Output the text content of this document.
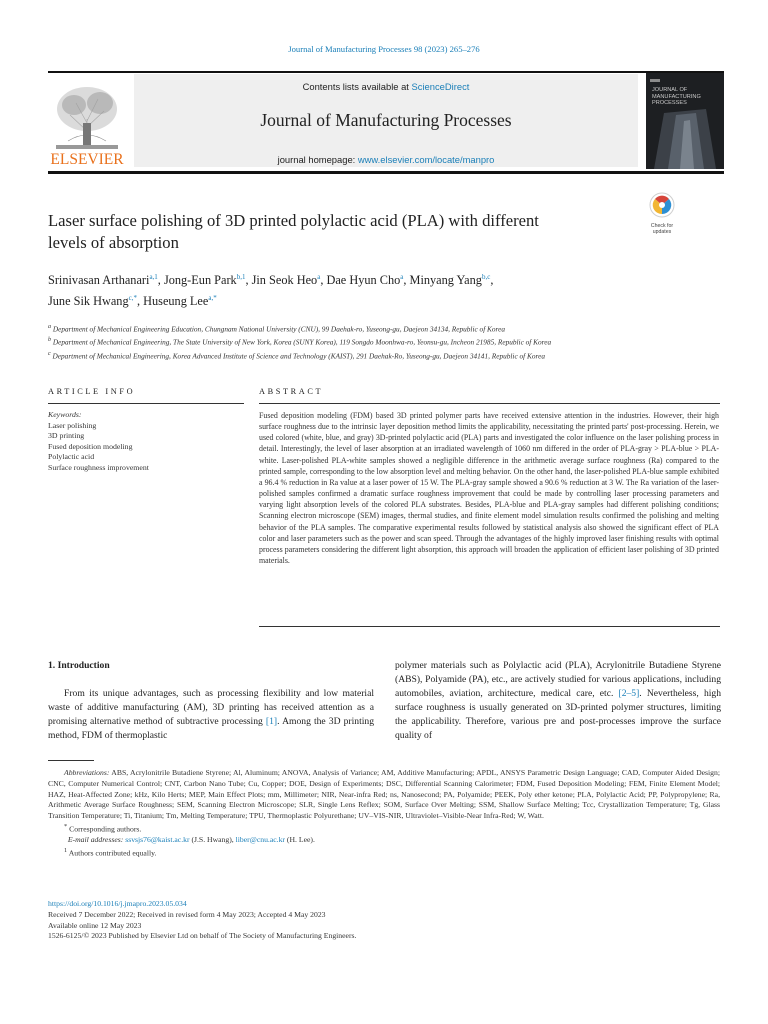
Journal of Manufacturing Processes 98 (2023) 265–276
ELSEVIER
Contents lists available at ScienceDirect
Journal of Manufacturing Processes
journal homepage: www.elsevier.com/locate/manpro
JOURNAL OF MANUFACTURING PROCESSES
Laser surface polishing of 3D printed polylactic acid (PLA) with different
levels of absorption
Check for
updates
Srinivasan Arthanari$^{a,1}$, Jong-Eun Park$^{b,1}$, Jin Seok Heo$^a$, Dae Hyun Cho$^a$, Minyang Yang$^{b,c}$,
June Sik Hwang$^{c,*}$, Huseung Lee$^{a,*}$

$^a$ Department of Mechanical Engineering Education, Chungnam National University (CNU), 99 Daehak-ro, Yuseong-gu, Daejeon 34134, Republic of Korea

$^b$ Department of Mechanical Engineering, The State University of New York, Korea (SUNY Korea), 119 Songdo Moonhwa-ro, Yeonsu-gu, Incheon 21985, Republic of Korea

$^c$ Department of Mechanical Engineering, Korea Advanced Institute of Science and Technology (KAIST), 291 Daehak-Ro, Yuseong-gu, Daejeon 34141, Republic of Korea

ARTICLE INFO	ABSTRACT
Keywords:
Laser polishing
3D printing
Fused deposition modeling
Polylactic acid
Surface roughness improvement
Fused deposition modeling (FDM) based 3D printed polymer parts have received extensive attention in the industries. However, their high surface roughness due to the intrinsic layer deposition method limits the applicability, necessitating the printed parts' post-processing. Herein, we used colored (white, blue, and gray) 3D-printed polylactic acid (PLA) parts and investigated the color influence on the laser polishing process in detail. Interestingly, the level of laser absorption at an irradiated wavelength of 1060 nm differed in the order of PLA-gray > PLA-blue > PLA-white. Laser-polished PLA-white samples showed a negligible difference in the arithmetic average surface roughness (Ra) compared to the printed sample, corresponding to the low absorption level and melting behavior. On the other hand, the laser-polished PLA-blue sample exhibited a 96.4 % reduction in Ra value at a laser power of 15 W. The PLA-gray sample showed a 90.6 % reduction at 3 W. The Ra variation of the laser-polished samples confirmed a dramatic surface roughness improvement that could be made by controlling laser processing parameters and varying light absorption levels of the colored PLA substrates. Besides, PLA-blue and PLA-gray samples had different polishing conditions; Scanning electron microscope (SEM) images, thermal studies, and finite element model simulation results confirmed the polishing and melting behavior of the PLA samples. The comparative experimental results followed by statistical analysis also showed the significant effect of PLA color and laser parameters such as the power and scan speed. Through the advantages of the highly improved laser finishing results with optimal process parameters considering the different light absorption, this approach will broaden the application of efficient laser polishing of 3D printed materials.
1. Introduction
From its unique advantages, such as processing flexibility and low material waste of additive manufacturing (AM), 3D printing has received attention as a promising alternative method of subtractive processing [1]. Among the 3D printing method, FDM of thermoplastic
polymer materials such as Polylactic acid (PLA), Acrylonitrile Butadiene Styrene (ABS), Polyamide (PA), etc., are actively studied for various applications, including automobiles, aviation, architecture, medical care, etc. [2–5]. Nevertheless, high surface roughness is usually generated on 3D-printed polymer structures, limiting the applicability. Therefore, various pre and post-processes improve the surface quality of

Abbreviations: ABS, Acrylonitrile Butadiene Styrene; Al, Aluminum; ANOVA, Analysis of Variance; AM, Additive Manufacturing; APDL, ANSYS Parametric Design Language; CAD, Computer Aided Design; CNC, Computer Numerical Control; CNT, Carbon Nano Tube; Cu, Copper; DOE, Design of Experiments; DSC, Differential Scanning Calorimeter; FDM, Fused Deposition Modeling; FEM, Finite Element Model; HAZ, Heat-Affected Zone; kHz, Kilo Herts; MEP, Main Effect Plots; mm, Millimeter; NIR, Near-infra Red; ns, Nanosecond; PA, Polyamide; PEEK, Poly ether ketone; PLA, Polylactic Acid; PP, Polypropylene; Ra, Arithmetic Average Surface Roughness; SEM, Scanning Electron Microscope; SLR, Single Lens Reflex; SOM, Surface Over Melting; SSM, Shallow Surface Melting; Tcc, Crystallization Temperature; Tg, Glass Transition Temperature; Ti, Titanium; Tm, Melting Temperature; TPU, Thermoplastic Polyurethane; UV–VIS-NIR, Ultraviolet–Visible-Near Infra-Red; W, Watt.

* Corresponding authors.

E-mail addresses: ssvsjs76@kaist.ac.kr (J.S. Hwang), liber@cnu.ac.kr (H. Lee).

$^1$ Authors contributed equally.

https://doi.org/10.1016/j.jmapro.2023.05.034

Received 7 December 2022; Received in revised form 4 May 2023; Accepted 4 May 2023

Available online 12 May 2023

1526-6125/© 2023 Published by Elsevier Ltd on behalf of The Society of Manufacturing Engineers.
